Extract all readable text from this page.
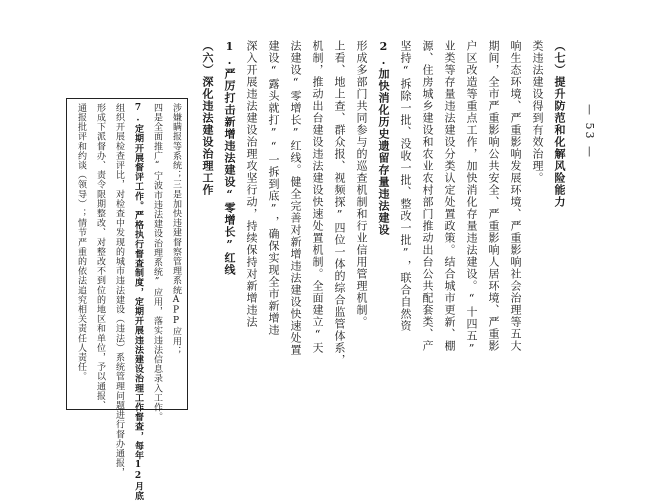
涉嫌瞒报等系统；三是加快违建督察管理系统APP应用；
四是全面推广“宁波市违法建设治理系统”应用，落实违法信息录入工作。
7.定期开展督评工作。严格执行督查制度，定期开展违法建设治理工作督查，每年12月底
组织开展检查评比，对检查中发现的城市违法建设（违法）系统管理问题进行督办通报，
形成下派督办、责令限期整改、对整改不到位的地区和单位，予以通报、
通报批评和约谈（领导）；情节严重的依法追究相关责任人责任。	（六）深化违法建设治理工作 1.严厉打击新增违法建设“零增长”红线 深入开展违法建设治理攻坚行动，持续保持对新增违法 建设“露头就打”“一拆到底”，确保实现全市新增违 法建设“零增长”红线。健全完善对新增违法建设快速处置 机制，推动出台建设违法建设快速处置机制。全面建立“天 上看、地上查、群众报、视频探”四位一体的综合监管体系， 形成多部门共同参与的巡查机制和行业信用管理机制。 2.加快消化历史遗留存量违法建设 坚持“拆除一批、没收一批、整改一批”，联合自然资 源、住房城乡建设和农业农村部门推动出台公共配套类、产 业类等存量违法建设分类认定处置政策。结合城市更新、棚 户区改造等重点工作，加快消化存量违法建设。“十四五” 期间，全市严重影响公共安全、严重影响人居环境、严重影 响生态环境、严重影响发展环境、严重影响社会治理等五大 类违法建设得到有效治理。 （七）提升防范和化解风险能力 — 53 —
